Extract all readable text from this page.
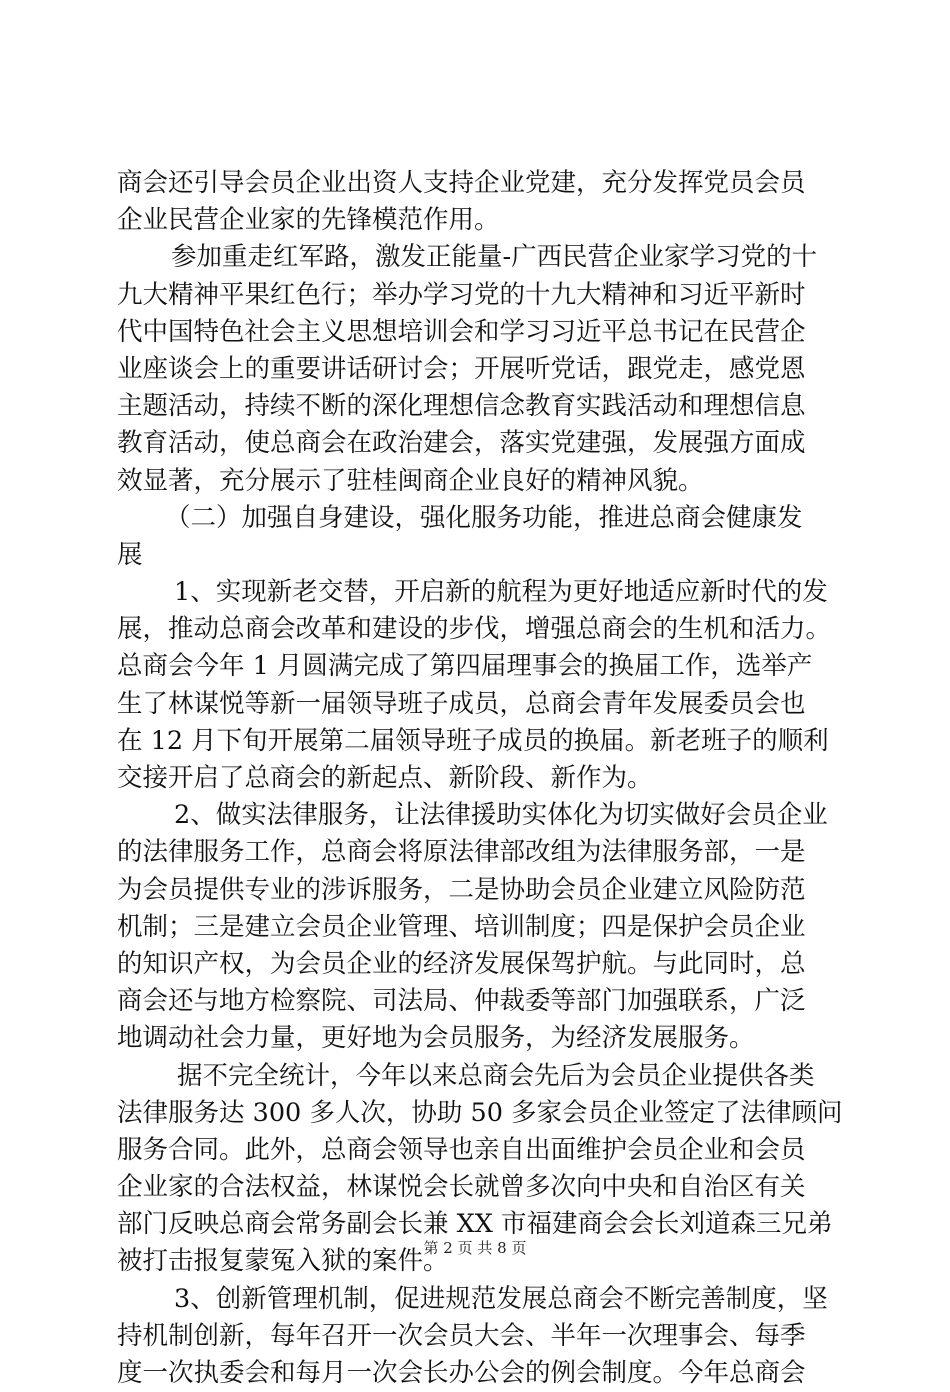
商会还引导会员企业出资人支持企业党建，充分发挥党员会员
企业民营企业家的先锋模范作用。
参加重走红军路，激发正能量-广西民营企业家学习党的十
九大精神平果红色行；举办学习党的十九大精神和习近平新时
代中国特色社会主义思想培训会和学习习近平总书记在民营企
业座谈会上的重要讲话研讨会；开展听党话，跟党走，感党恩
主题活动，持续不断的深化理想信念教育实践活动和理想信息
教育活动，使总商会在政治建会，落实党建强，发展强方面成
效显著，充分展示了驻桂闽商企业良好的精神风貌。
（二）加强自身建设，强化服务功能，推进总商会健康发
展
1、实现新老交替，开启新的航程为更好地适应新时代的发
展，推动总商会改革和建设的步伐，增强总商会的生机和活力。
总商会今年 1 月圆满完成了第四届理事会的换届工作，选举产
生了林谋悦等新一届领导班子成员，总商会青年发展委员会也
在 12 月下旬开展第二届领导班子成员的换届。新老班子的顺利
交接开启了总商会的新起点、新阶段、新作为。
2、做实法律服务，让法律援助实体化为切实做好会员企业
的法律服务工作，总商会将原法律部改组为法律服务部，一是
为会员提供专业的涉诉服务，二是协助会员企业建立风险防范
机制；三是建立会员企业管理、培训制度；四是保护会员企业
的知识产权，为会员企业的经济发展保驾护航。与此同时，总
商会还与地方检察院、司法局、仲裁委等部门加强联系，广泛
地调动社会力量，更好地为会员服务，为经济发展服务。
据不完全统计，今年以来总商会先后为会员企业提供各类
法律服务达 300 多人次，协助 50 多家会员企业签定了法律顾问
服务合同。此外，总商会领导也亲自出面维护会员企业和会员
企业家的合法权益，林谋悦会长就曾多次向中央和自治区有关
部门反映总商会常务副会长兼 XX 市福建商会会长刘道森三兄弟
被打击报复蒙冤入狱的案件。
3、创新管理机制，促进规范发展总商会不断完善制度，坚
持机制创新，每年召开一次会员大会、半年一次理事会、每季
度一次执委会和每月一次会长办公会的例会制度。今年总商会
第 2 页 共 8 页
